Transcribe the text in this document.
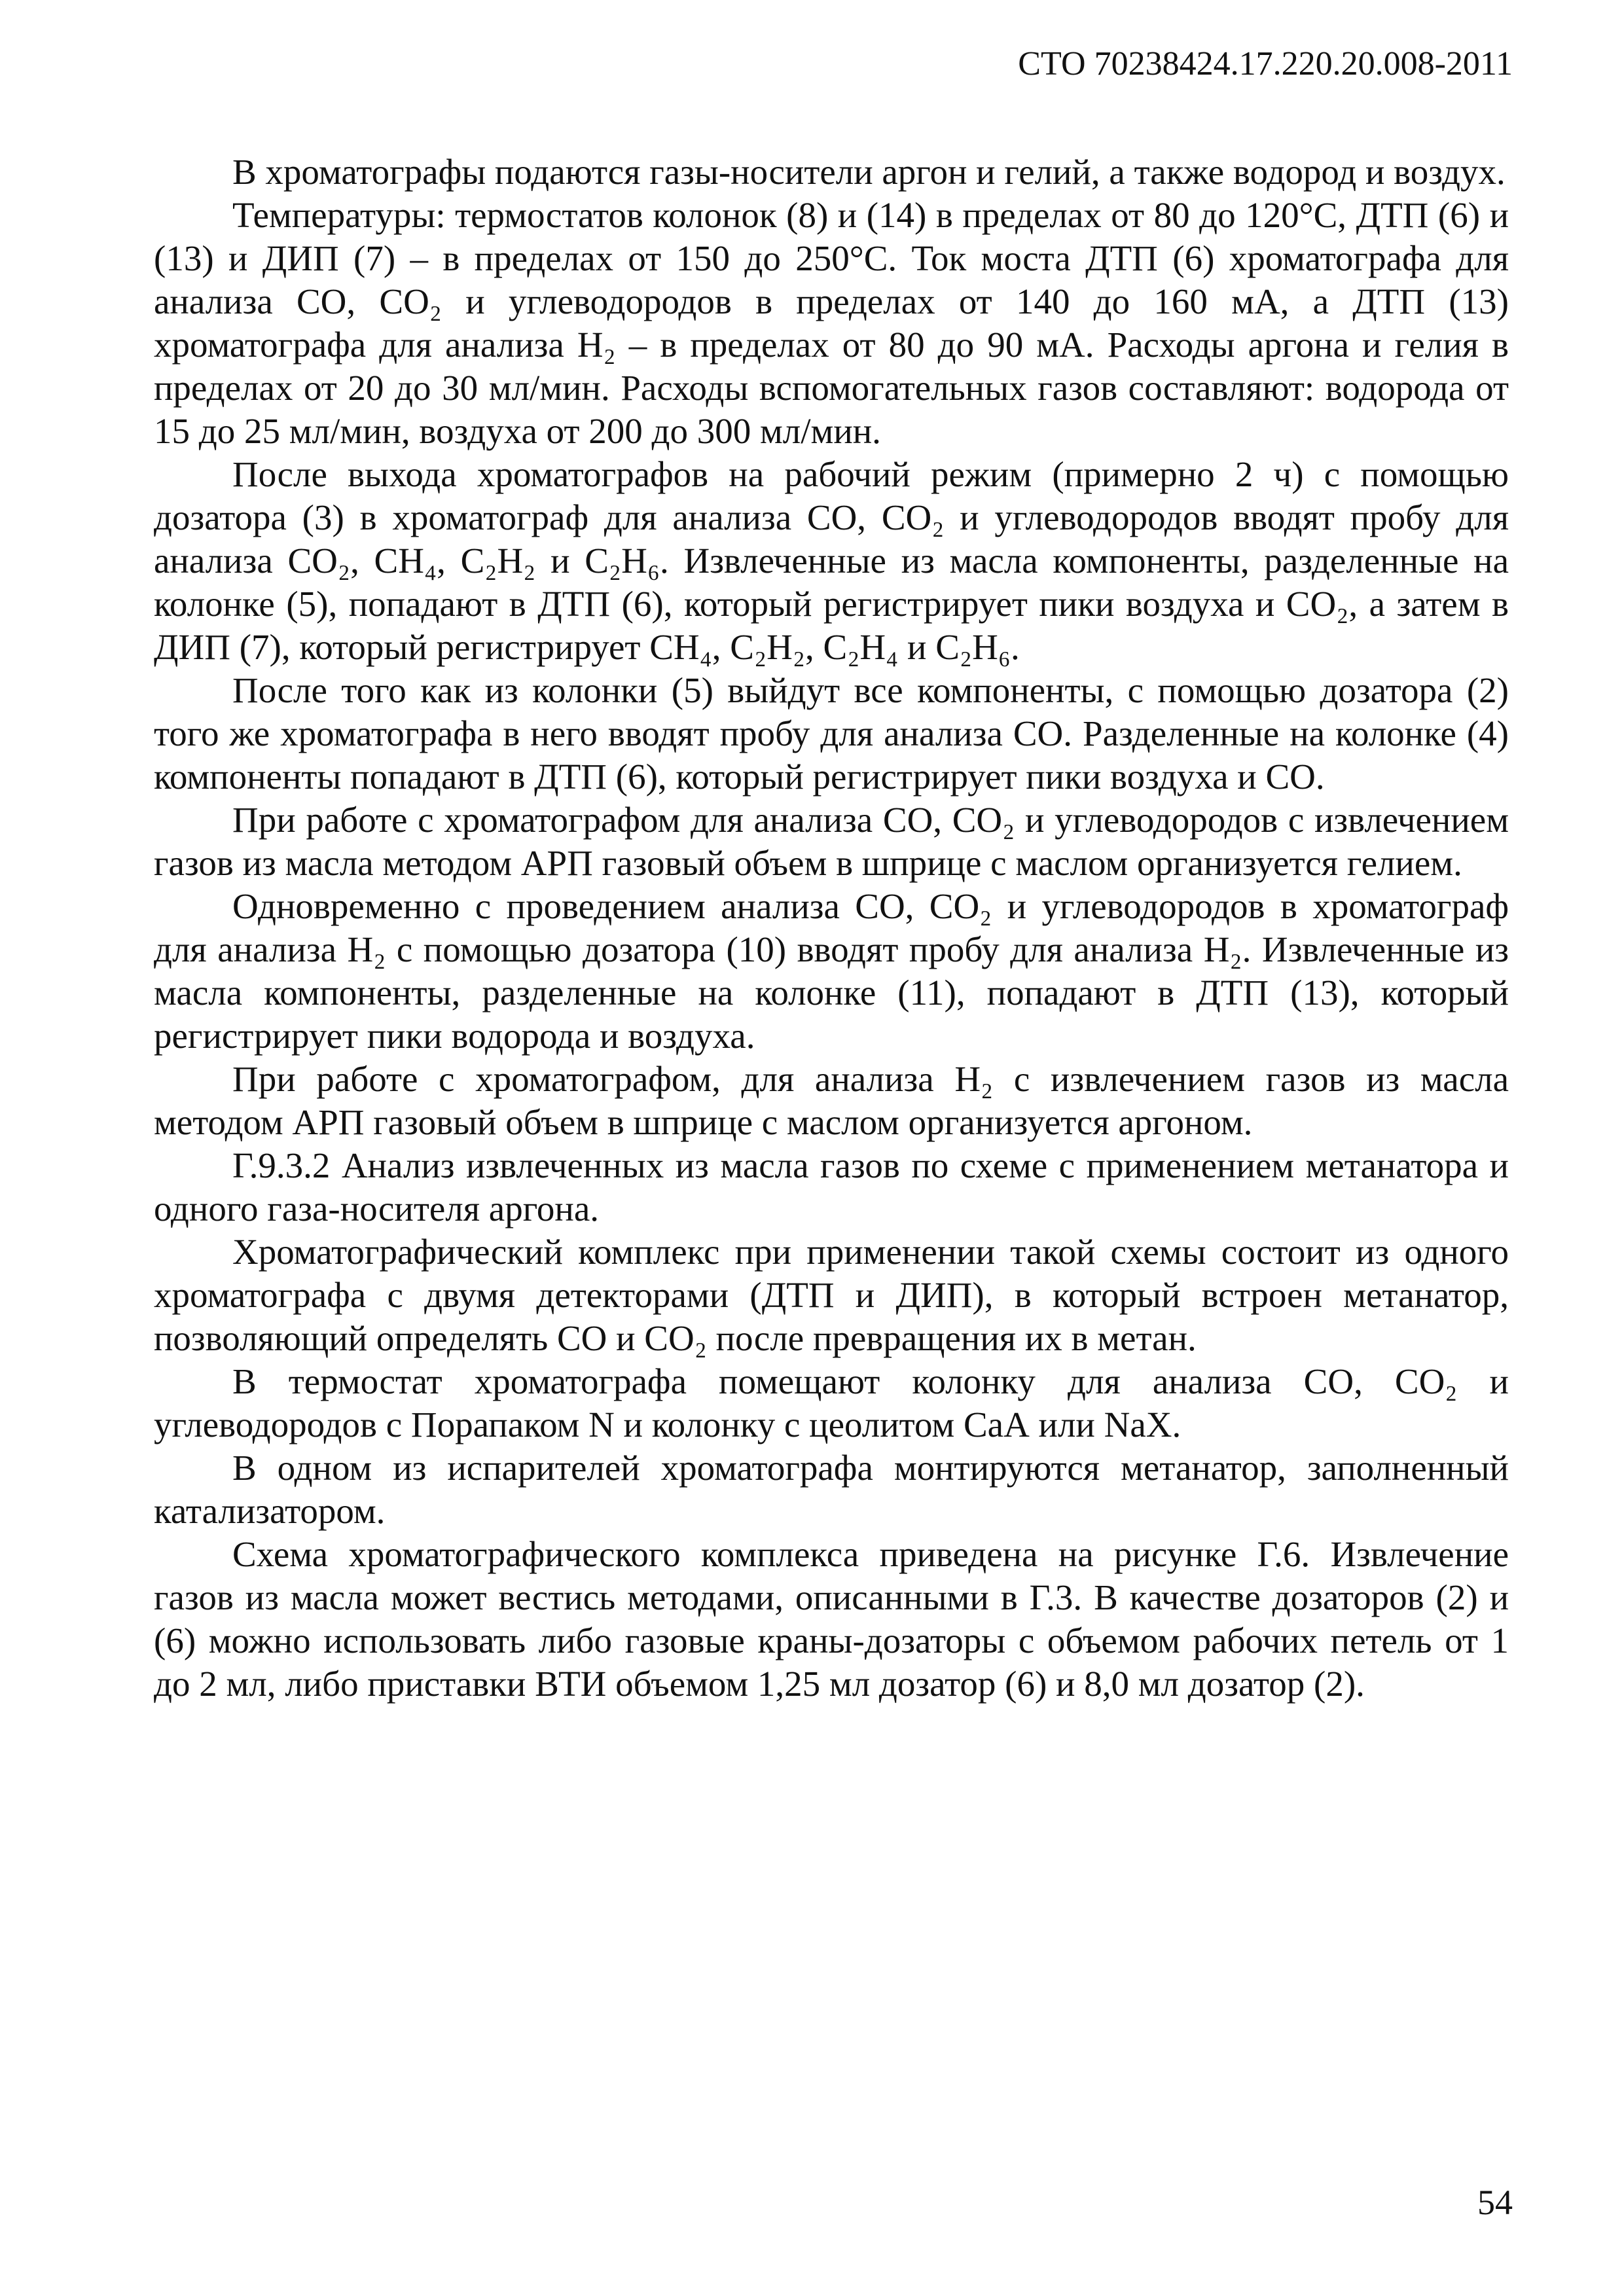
СТО 70238424.17.220.20.008-2011

В хроматографы подаются газы-носители аргон и гелий, а также водород и воздух.

Температуры: термостатов колонок (8) и (14) в пределах от 80 до 120°С, ДТП (6) и (13) и ДИП (7) – в пределах от 150 до 250°С. Ток моста ДТП (6) хроматографа для анализа СО, СО₂ и углеводородов в пределах от 140 до 160 мА, а ДТП (13) хроматографа для анализа Н₂ – в пределах от 80 до 90 мА. Расходы аргона и гелия в пределах от 20 до 30 мл/мин. Расходы вспомогательных газов составляют: водорода от 15 до 25 мл/мин, воздуха от 200 до 300 мл/мин.

После выхода хроматографов на рабочий режим (примерно 2 ч) с помощью дозатора (3) в хроматограф для анализа СО, СО₂ и углеводородов вводят пробу для анализа СО₂, СН₄, С₂Н₂ и С₂Н₆. Извлеченные из масла компоненты, разделенные на колонке (5), попадают в ДТП (6), который регистрирует пики воздуха и СО₂, а затем в ДИП (7), который регистрирует СН₄, С₂Н₂, С₂Н₄ и С₂Н₆.

После того как из колонки (5) выйдут все компоненты, с помощью дозатора (2) того же хроматографа в него вводят пробу для анализа СО. Разделенные на колонке (4) компоненты попадают в ДТП (6), который регистрирует пики воздуха и СО.

При работе с хроматографом для анализа СО, СО₂ и углеводородов с извлечением газов из масла методом АРП газовый объем в шприце с маслом организуется гелием.

Одновременно с проведением анализа СО, СО₂ и углеводородов в хроматограф для анализа Н₂ с помощью дозатора (10) вводят пробу для анализа Н₂. Извлеченные из масла компоненты, разделенные на колонке (11), попадают в ДТП (13), который регистрирует пики водорода и воздуха.

При работе с хроматографом, для анализа Н₂ с извлечением газов из масла методом АРП газовый объем в шприце с маслом организуется аргоном.

Г.9.3.2 Анализ извлеченных из масла газов по схеме с применением метанатора и одного газа-носителя аргона.

Хроматографический комплекс при применении такой схемы состоит из одного хроматографа с двумя детекторами (ДТП и ДИП), в который встроен метанатор, позволяющий определять СО и СО₂ после превращения их в метан.

В термостат хроматографа помещают колонку для анализа СО, СО₂ и углеводородов с Порапаком N и колонку с цеолитом СаА или NaX.

В одном из испарителей хроматографа монтируются метанатор, заполненный катализатором.

Схема хроматографического комплекса приведена на рисунке Г.6. Извлечение газов из масла может вестись методами, описанными в Г.3. В качестве дозаторов (2) и (6) можно использовать либо газовые краны-дозаторы с объемом рабочих петель от 1 до 2 мл, либо приставки ВТИ объемом 1,25 мл дозатор (6) и 8,0 мл дозатор (2).

54
